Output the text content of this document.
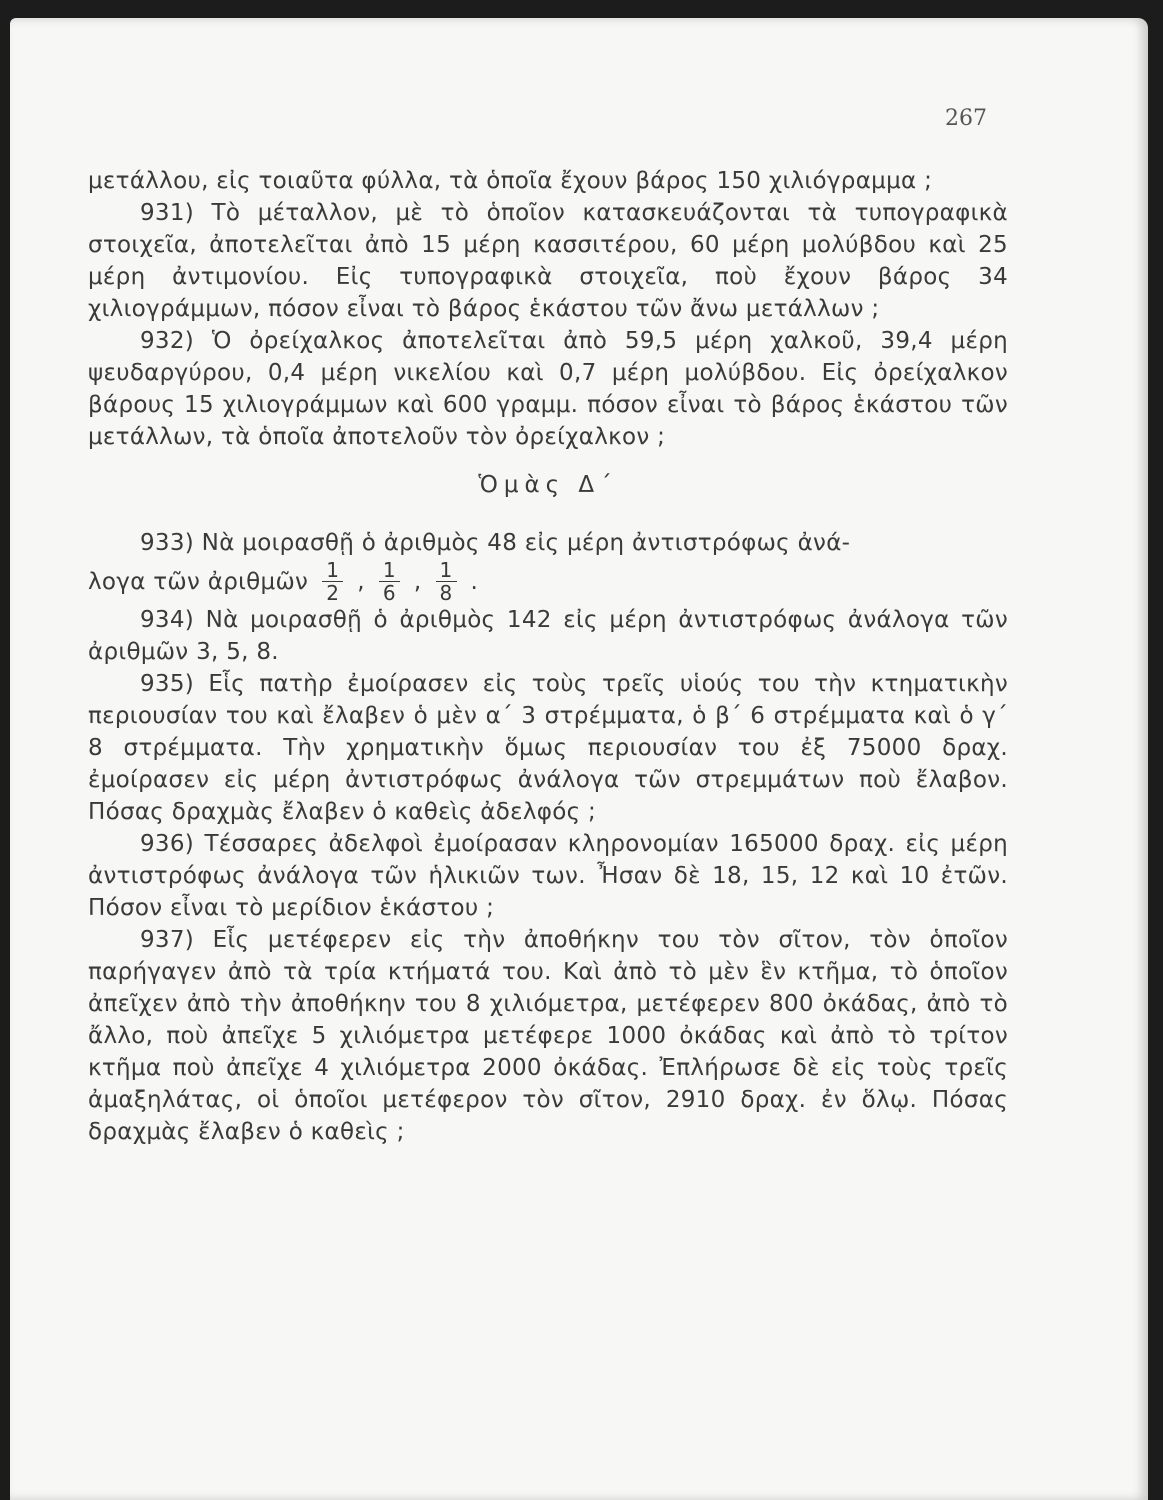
267

μετάλλου, εἰς τοιαῦτα φύλλα, τὰ ὁποῖα ἔχουν βάρος 150 χιλιόγραμμα ;

931) Τὸ μέταλλον, μὲ τὸ ὁποῖον κατασκευάζονται τὰ τυπογραφικὰ στοιχεῖα, ἀποτελεῖται ἀπὸ 15 μέρη κασσιτέρου, 60 μέρη μολύβδου καὶ 25 μέρη ἀντιμονίου. Εἰς τυπογραφικὰ στοιχεῖα, ποὺ ἔχουν βάρος 34 χιλιογράμμων, πόσον εἶναι τὸ βάρος ἑκάστου τῶν ἄνω μετάλλων ;

932) Ὁ ὀρείχαλκος ἀποτελεῖται ἀπὸ 59,5 μέρη χαλκοῦ, 39,4 μέρη ψευδαργύρου, 0,4 μέρη νικελίου καὶ 0,7 μέρη μολύβδου. Εἰς ὀρείχαλκον βάρους 15 χιλιογράμμων καὶ 600 γραμμ. πόσον εἶναι τὸ βάρος ἑκάστου τῶν μετάλλων, τὰ ὁποῖα ἀποτελοῦν τὸν ὀρείχαλκον ;

Ὁμὰς Δ΄

933) Νὰ μοιρασθῇ ὁ ἀριθμὸς 48 εἰς μέρη ἀντιστρόφως ἀνά-

λογα τῶν ἀριθμῶν $\frac{1}{2}$ , $\frac{1}{6}$ , $\frac{1}{8}$ .

934) Νὰ μοιρασθῇ ὁ ἀριθμὸς 142 εἰς μέρη ἀντιστρόφως ἀνάλογα τῶν ἀριθμῶν 3, 5, 8.

935) Εἷς πατὴρ ἐμοίρασεν εἰς τοὺς τρεῖς υἱούς του τὴν κτηματικὴν περιουσίαν του καὶ ἔλαβεν ὁ μὲν α΄ 3 στρέμματα, ὁ β΄ 6 στρέμματα καὶ ὁ γ΄ 8 στρέμματα. Τὴν χρηματικὴν ὅμως περιουσίαν του ἐξ 75000 δραχ. ἐμοίρασεν εἰς μέρη ἀντιστρόφως ἀνάλογα τῶν στρεμμάτων ποὺ ἔλαβον. Πόσας δραχμὰς ἔλαβεν ὁ καθεὶς ἀδελφός ;

936) Τέσσαρες ἀδελφοὶ ἐμοίρασαν κληρονομίαν 165000 δραχ. εἰς μέρη ἀντιστρόφως ἀνάλογα τῶν ἡλικιῶν των. Ἦσαν δὲ 18, 15, 12 καὶ 10 ἐτῶν. Πόσον εἶναι τὸ μερίδιον ἑκάστου ;

937) Εἷς μετέφερεν εἰς τὴν ἀποθήκην του τὸν σῖτον, τὸν ὁποῖον παρήγαγεν ἀπὸ τὰ τρία κτήματά του. Καὶ ἀπὸ τὸ μὲν ἓν κτῆμα, τὸ ὁποῖον ἀπεῖχεν ἀπὸ τὴν ἀποθήκην του 8 χιλιόμετρα, μετέφερεν 800 ὀκάδας, ἀπὸ τὸ ἄλλο, ποὺ ἀπεῖχε 5 χιλιόμετρα μετέφερε 1000 ὀκάδας καὶ ἀπὸ τὸ τρίτον κτῆμα ποὺ ἀπεῖχε 4 χιλιόμετρα 2000 ὀκάδας. Ἐπλήρωσε δὲ εἰς τοὺς τρεῖς ἀμαξηλάτας, οἱ ὁποῖοι μετέφερον τὸν σῖτον, 2910 δραχ. ἐν ὅλῳ. Πόσας δραχμὰς ἔλαβεν ὁ καθεὶς ;
